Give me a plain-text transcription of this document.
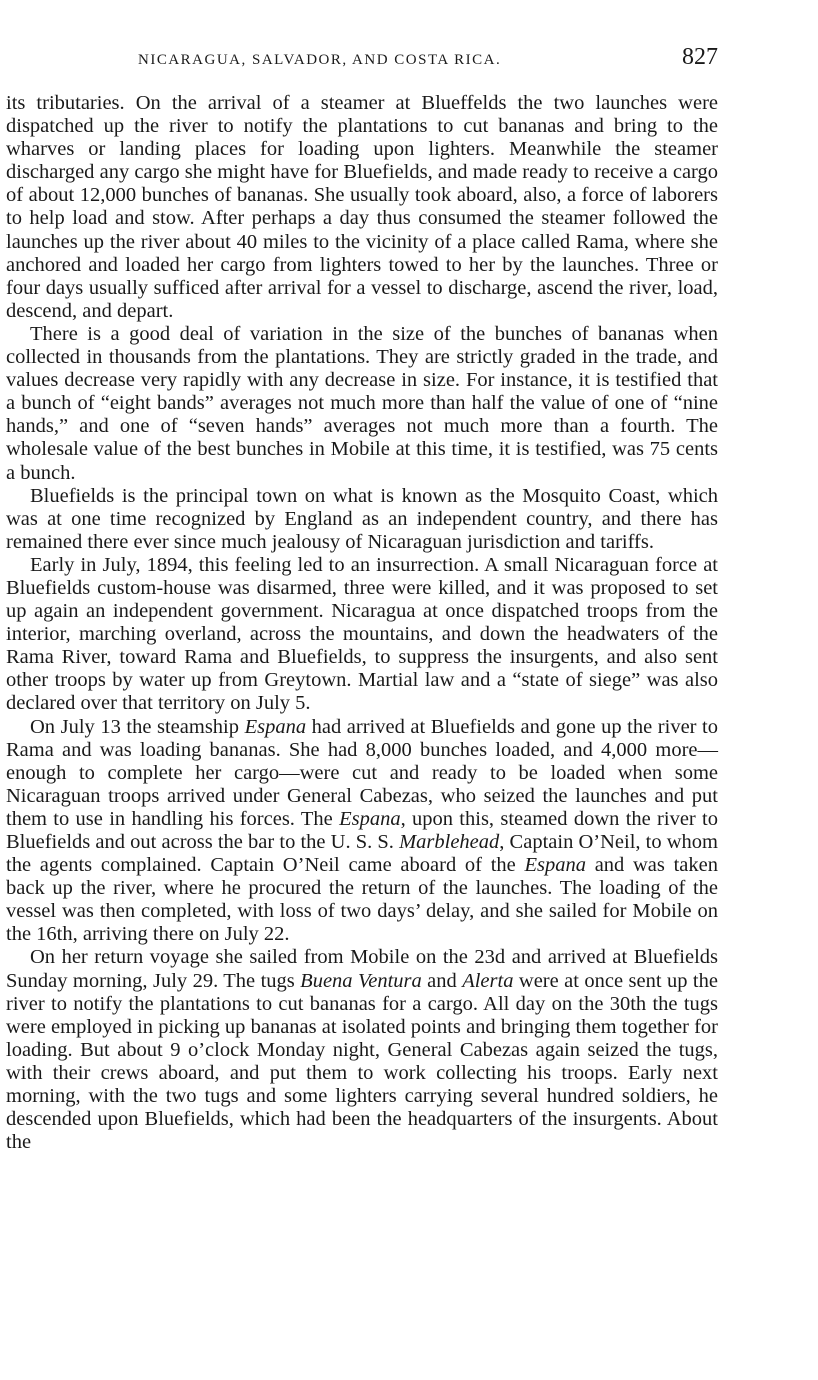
NICARAGUA, SALVADOR, AND COSTA RICA.	827

its tributaries. On the arrival of a steamer at Blueffelds the two launches were dispatched up the river to notify the plantations to cut bananas and bring to the wharves or landing places for loading upon lighters. Meanwhile the steamer discharged any cargo she might have for Bluefields, and made ready to receive a cargo of about 12,000 bunches of bananas. She usually took aboard, also, a force of laborers to help load and stow. After perhaps a day thus consumed the steamer followed the launches up the river about 40 miles to the vicinity of a place called Rama, where she anchored and loaded her cargo from lighters towed to her by the launches. Three or four days usually sufficed after arrival for a vessel to discharge, ascend the river, load, descend, and depart.

There is a good deal of variation in the size of the bunches of bananas when collected in thousands from the plantations. They are strictly graded in the trade, and values decrease very rapidly with any decrease in size. For instance, it is testified that a bunch of “eight bands” averages not much more than half the value of one of “nine hands,” and one of “seven hands” averages not much more than a fourth. The wholesale value of the best bunches in Mobile at this time, it is testified, was 75 cents a bunch.

Bluefields is the principal town on what is known as the Mosquito Coast, which was at one time recognized by England as an independent country, and there has remained there ever since much jealousy of Nicaraguan jurisdiction and tariffs.

Early in July, 1894, this feeling led to an insurrection. A small Nicaraguan force at Bluefields custom-house was disarmed, three were killed, and it was proposed to set up again an independent government. Nicaragua at once dispatched troops from the interior, marching overland, across the mountains, and down the headwaters of the Rama River, toward Rama and Bluefields, to suppress the insurgents, and also sent other troops by water up from Greytown. Martial law and a “state of siege” was also declared over that territory on July 5.

On July 13 the steamship Espana had arrived at Bluefields and gone up the river to Rama and was loading bananas. She had 8,000 bunches loaded, and 4,000 more—enough to complete her cargo—were cut and ready to be loaded when some Nicaraguan troops arrived under General Cabezas, who seized the launches and put them to use in handling his forces. The Espana, upon this, steamed down the river to Bluefields and out across the bar to the U. S. S. Marblehead, Captain O’Neil, to whom the agents complained. Captain O’Neil came aboard of the Espana and was taken back up the river, where he procured the return of the launches. The loading of the vessel was then completed, with loss of two days’ delay, and she sailed for Mobile on the 16th, arriving there on July 22.

On her return voyage she sailed from Mobile on the 23d and arrived at Bluefields Sunday morning, July 29. The tugs Buena Ventura and Alerta were at once sent up the river to notify the plantations to cut bananas for a cargo. All day on the 30th the tugs were employed in picking up bananas at isolated points and bringing them together for loading. But about 9 o’clock Monday night, General Cabezas again seized the tugs, with their crews aboard, and put them to work collecting his troops. Early next morning, with the two tugs and some lighters carrying several hundred soldiers, he descended upon Bluefields, which had been the headquarters of the insurgents. About the
